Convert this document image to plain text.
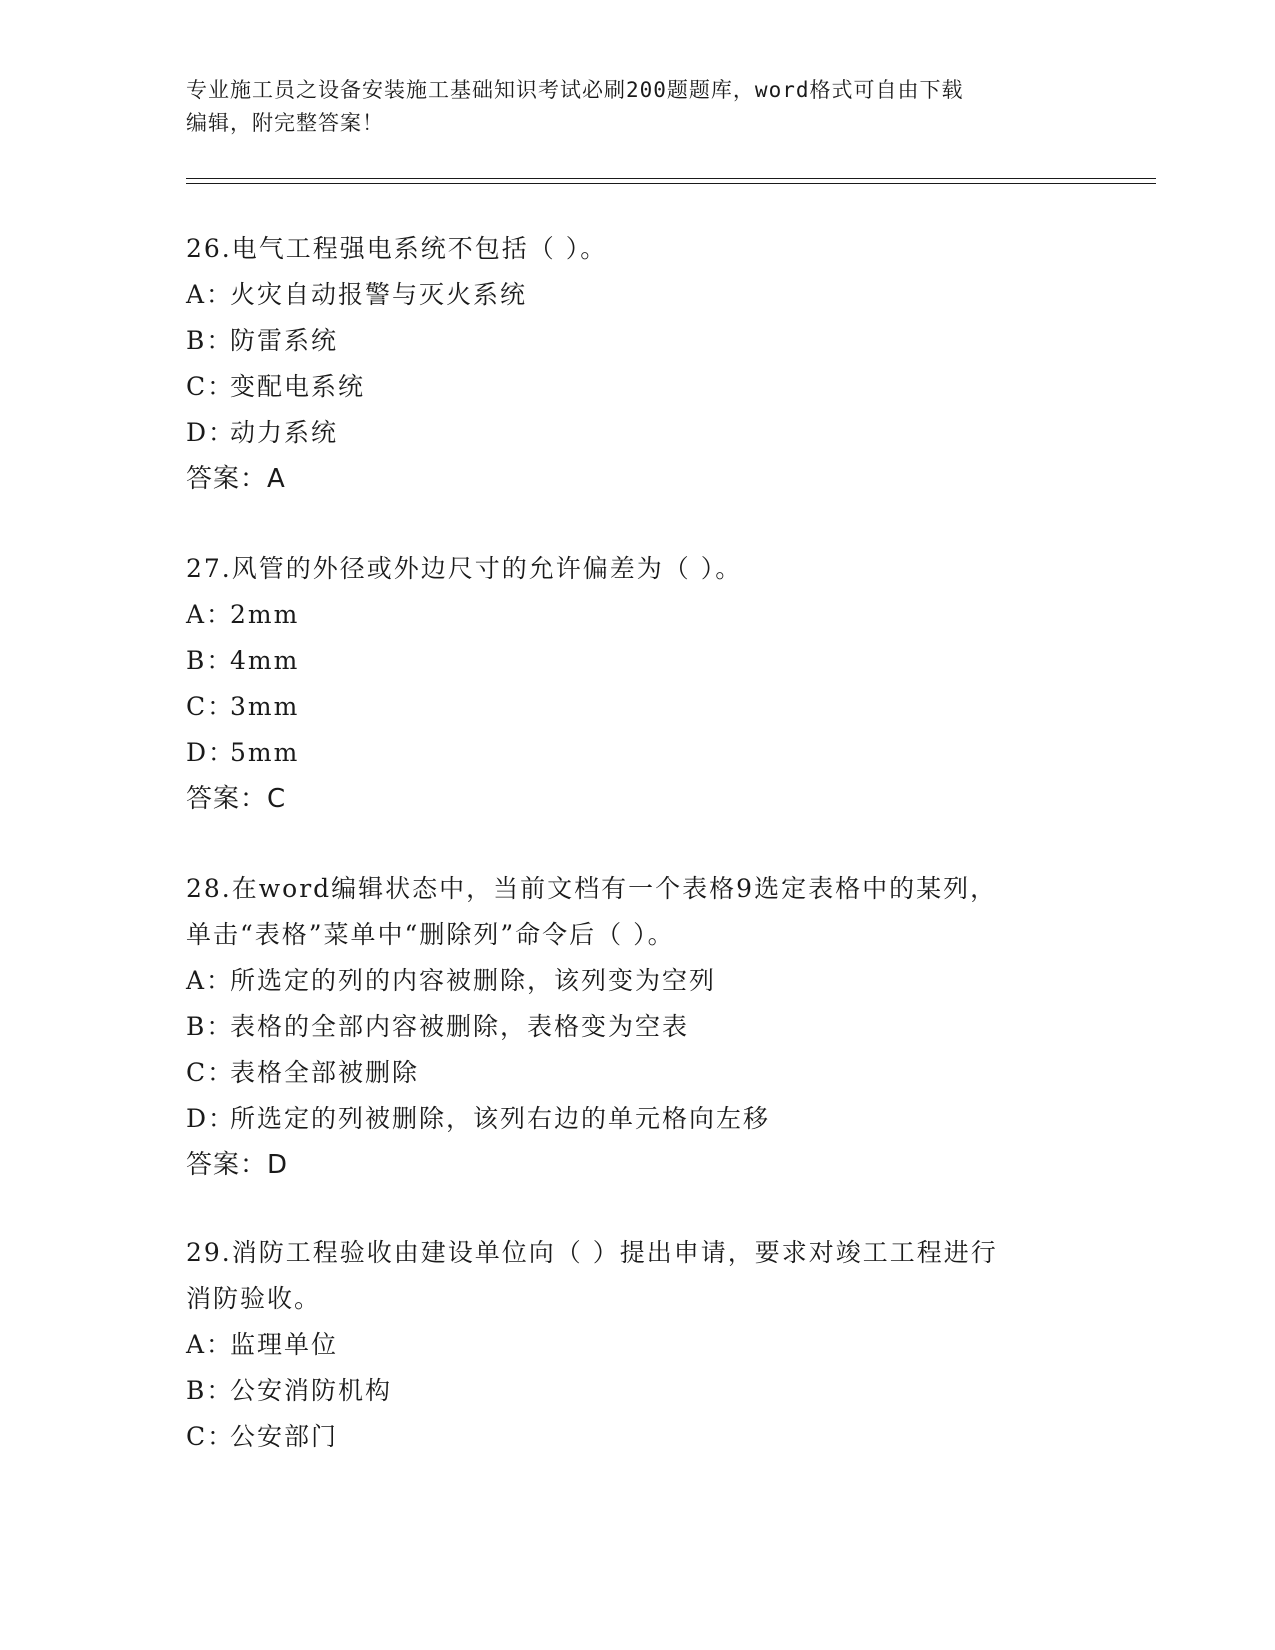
专业施工员之设备安装施工基础知识考试必刷200题题库，word格式可自由下载
编辑，附完整答案！
26.电气工程强电系统不包括（ ）。
A：火灾自动报警与灭火系统
B：防雷系统
C：变配电系统
D：动力系统
答案：A
27.风管的外径或外边尺寸的允许偏差为（ ）。
A：2mm
B：4mm
C：3mm
D：5mm
答案：C
28.在word编辑状态中，当前文档有一个表格9选定表格中的某列，
单击“表格”菜单中“删除列”命令后（ ）。
A：所选定的列的内容被删除，该列变为空列
B：表格的全部内容被删除，表格变为空表
C：表格全部被删除
D：所选定的列被删除，该列右边的单元格向左移
答案：D
29.消防工程验收由建设单位向（ ）提出申请，要求对竣工工程进行
消防验收。
A：监理单位
B：公安消防机构
C：公安部门
